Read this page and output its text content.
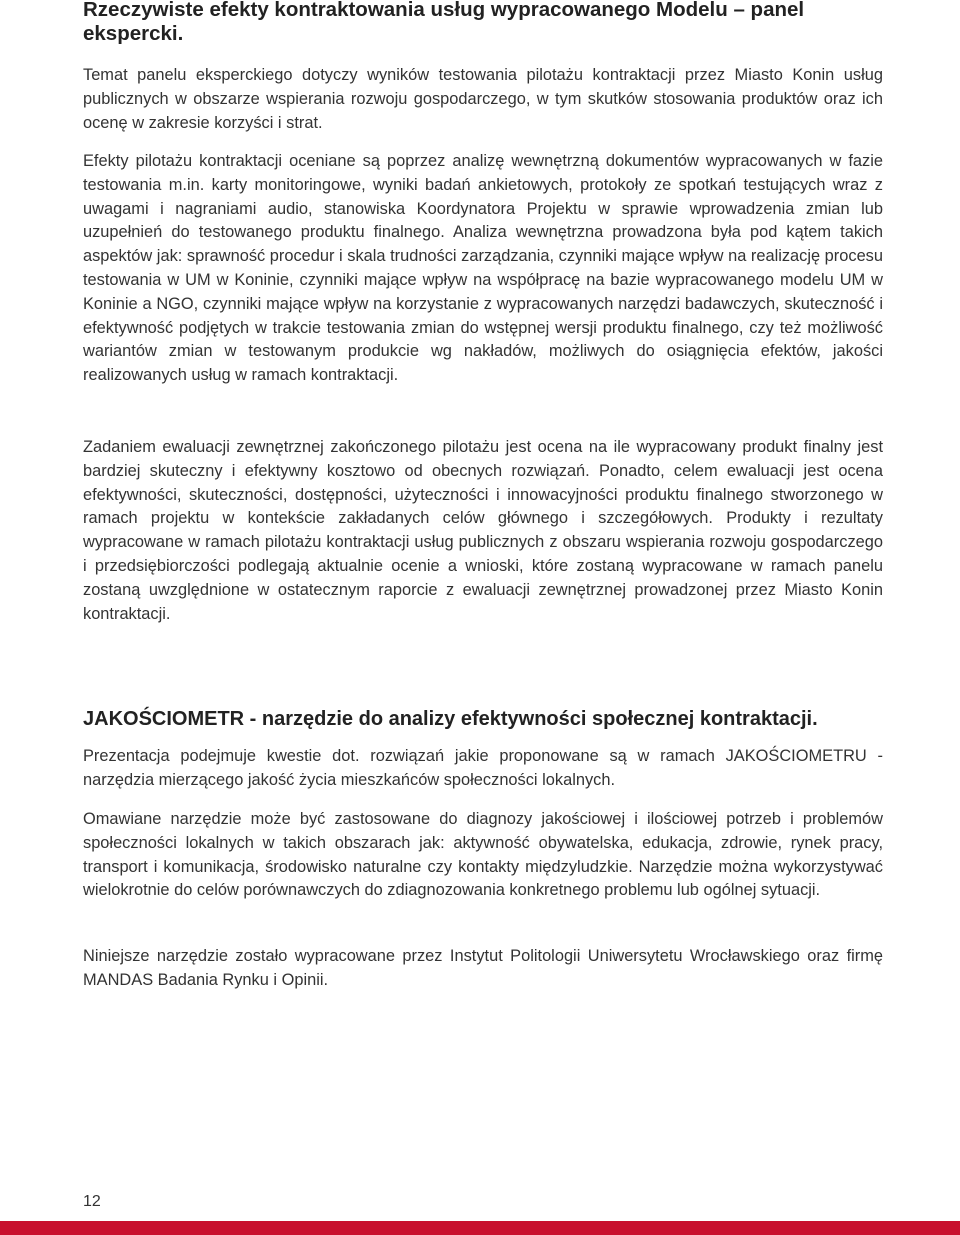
Rzeczywiste efekty kontraktowania usług wypracowanego Modelu – panel ekspercki.

Temat panelu eksperckiego dotyczy wyników testowania pilotażu kontraktacji przez Miasto Konin usług publicznych w obszarze wspierania rozwoju gospodarczego, w tym skutków stosowania produktów oraz ich ocenę w zakresie korzyści i strat.

Efekty pilotażu kontraktacji oceniane są poprzez analizę wewnętrzną dokumentów wypracowanych w fazie testowania m.in. karty monitoringowe, wyniki badań ankietowych, protokoły ze spotkań testujących wraz z uwagami i nagraniami audio, stanowiska Koordynatora Projektu w sprawie wprowadzenia zmian lub uzupełnień do testowanego produktu finalnego. Analiza wewnętrzna prowadzona była pod kątem takich aspektów jak: sprawność procedur i skala trudności zarządzania, czynniki mające wpływ na realizację procesu testowania w UM w Koninie, czynniki mające wpływ na współpracę na bazie wypracowanego modelu UM w Koninie a NGO, czynniki mające wpływ na korzystanie z wypracowanych narzędzi badawczych, skuteczność i efektywność podjętych w trakcie testowania zmian do wstępnej wersji produktu finalnego, czy też możliwość wariantów zmian w testowanym produkcie wg nakładów, możliwych do osiągnięcia efektów, jakości realizowanych usług w ramach kontraktacji.

Zadaniem ewaluacji zewnętrznej zakończonego pilotażu jest ocena na ile wypracowany produkt finalny jest bardziej skuteczny i efektywny kosztowo od obecnych rozwiązań. Ponadto, celem ewaluacji jest ocena efektywności, skuteczności, dostępności, użyteczności i innowacyjności produktu finalnego stworzonego w ramach projektu w kontekście zakładanych celów głównego i szczegółowych. Produkty i rezultaty wypracowane w ramach pilotażu kontraktacji usług publicznych z obszaru wspierania rozwoju gospodarczego i przedsiębiorczości podlegają aktualnie ocenie a wnioski, które zostaną wypracowane w ramach panelu zostaną uwzględnione w ostatecznym raporcie z ewaluacji zewnętrznej prowadzonej przez Miasto Konin kontraktacji.

JAKOŚCIOMETR - narzędzie do analizy efektywności społecznej kontraktacji.

Prezentacja podejmuje kwestie dot. rozwiązań jakie proponowane są w ramach JAKOŚCIOMETRU - narzędzia mierzącego jakość życia mieszkańców społeczności lokalnych.

Omawiane narzędzie może być zastosowane do diagnozy jakościowej i ilościowej potrzeb i problemów społeczności lokalnych w takich obszarach jak: aktywność obywatelska, edukacja, zdrowie, rynek pracy, transport i komunikacja, środowisko naturalne czy kontakty międzyludzkie. Narzędzie można wykorzystywać wielokrotnie do celów porównawczych do zdiagnozowania konkretnego problemu lub ogólnej sytuacji.

Niniejsze narzędzie zostało wypracowane przez Instytut Politologii Uniwersytetu Wrocławskiego oraz firmę MANDAS Badania Rynku i Opinii.

12
